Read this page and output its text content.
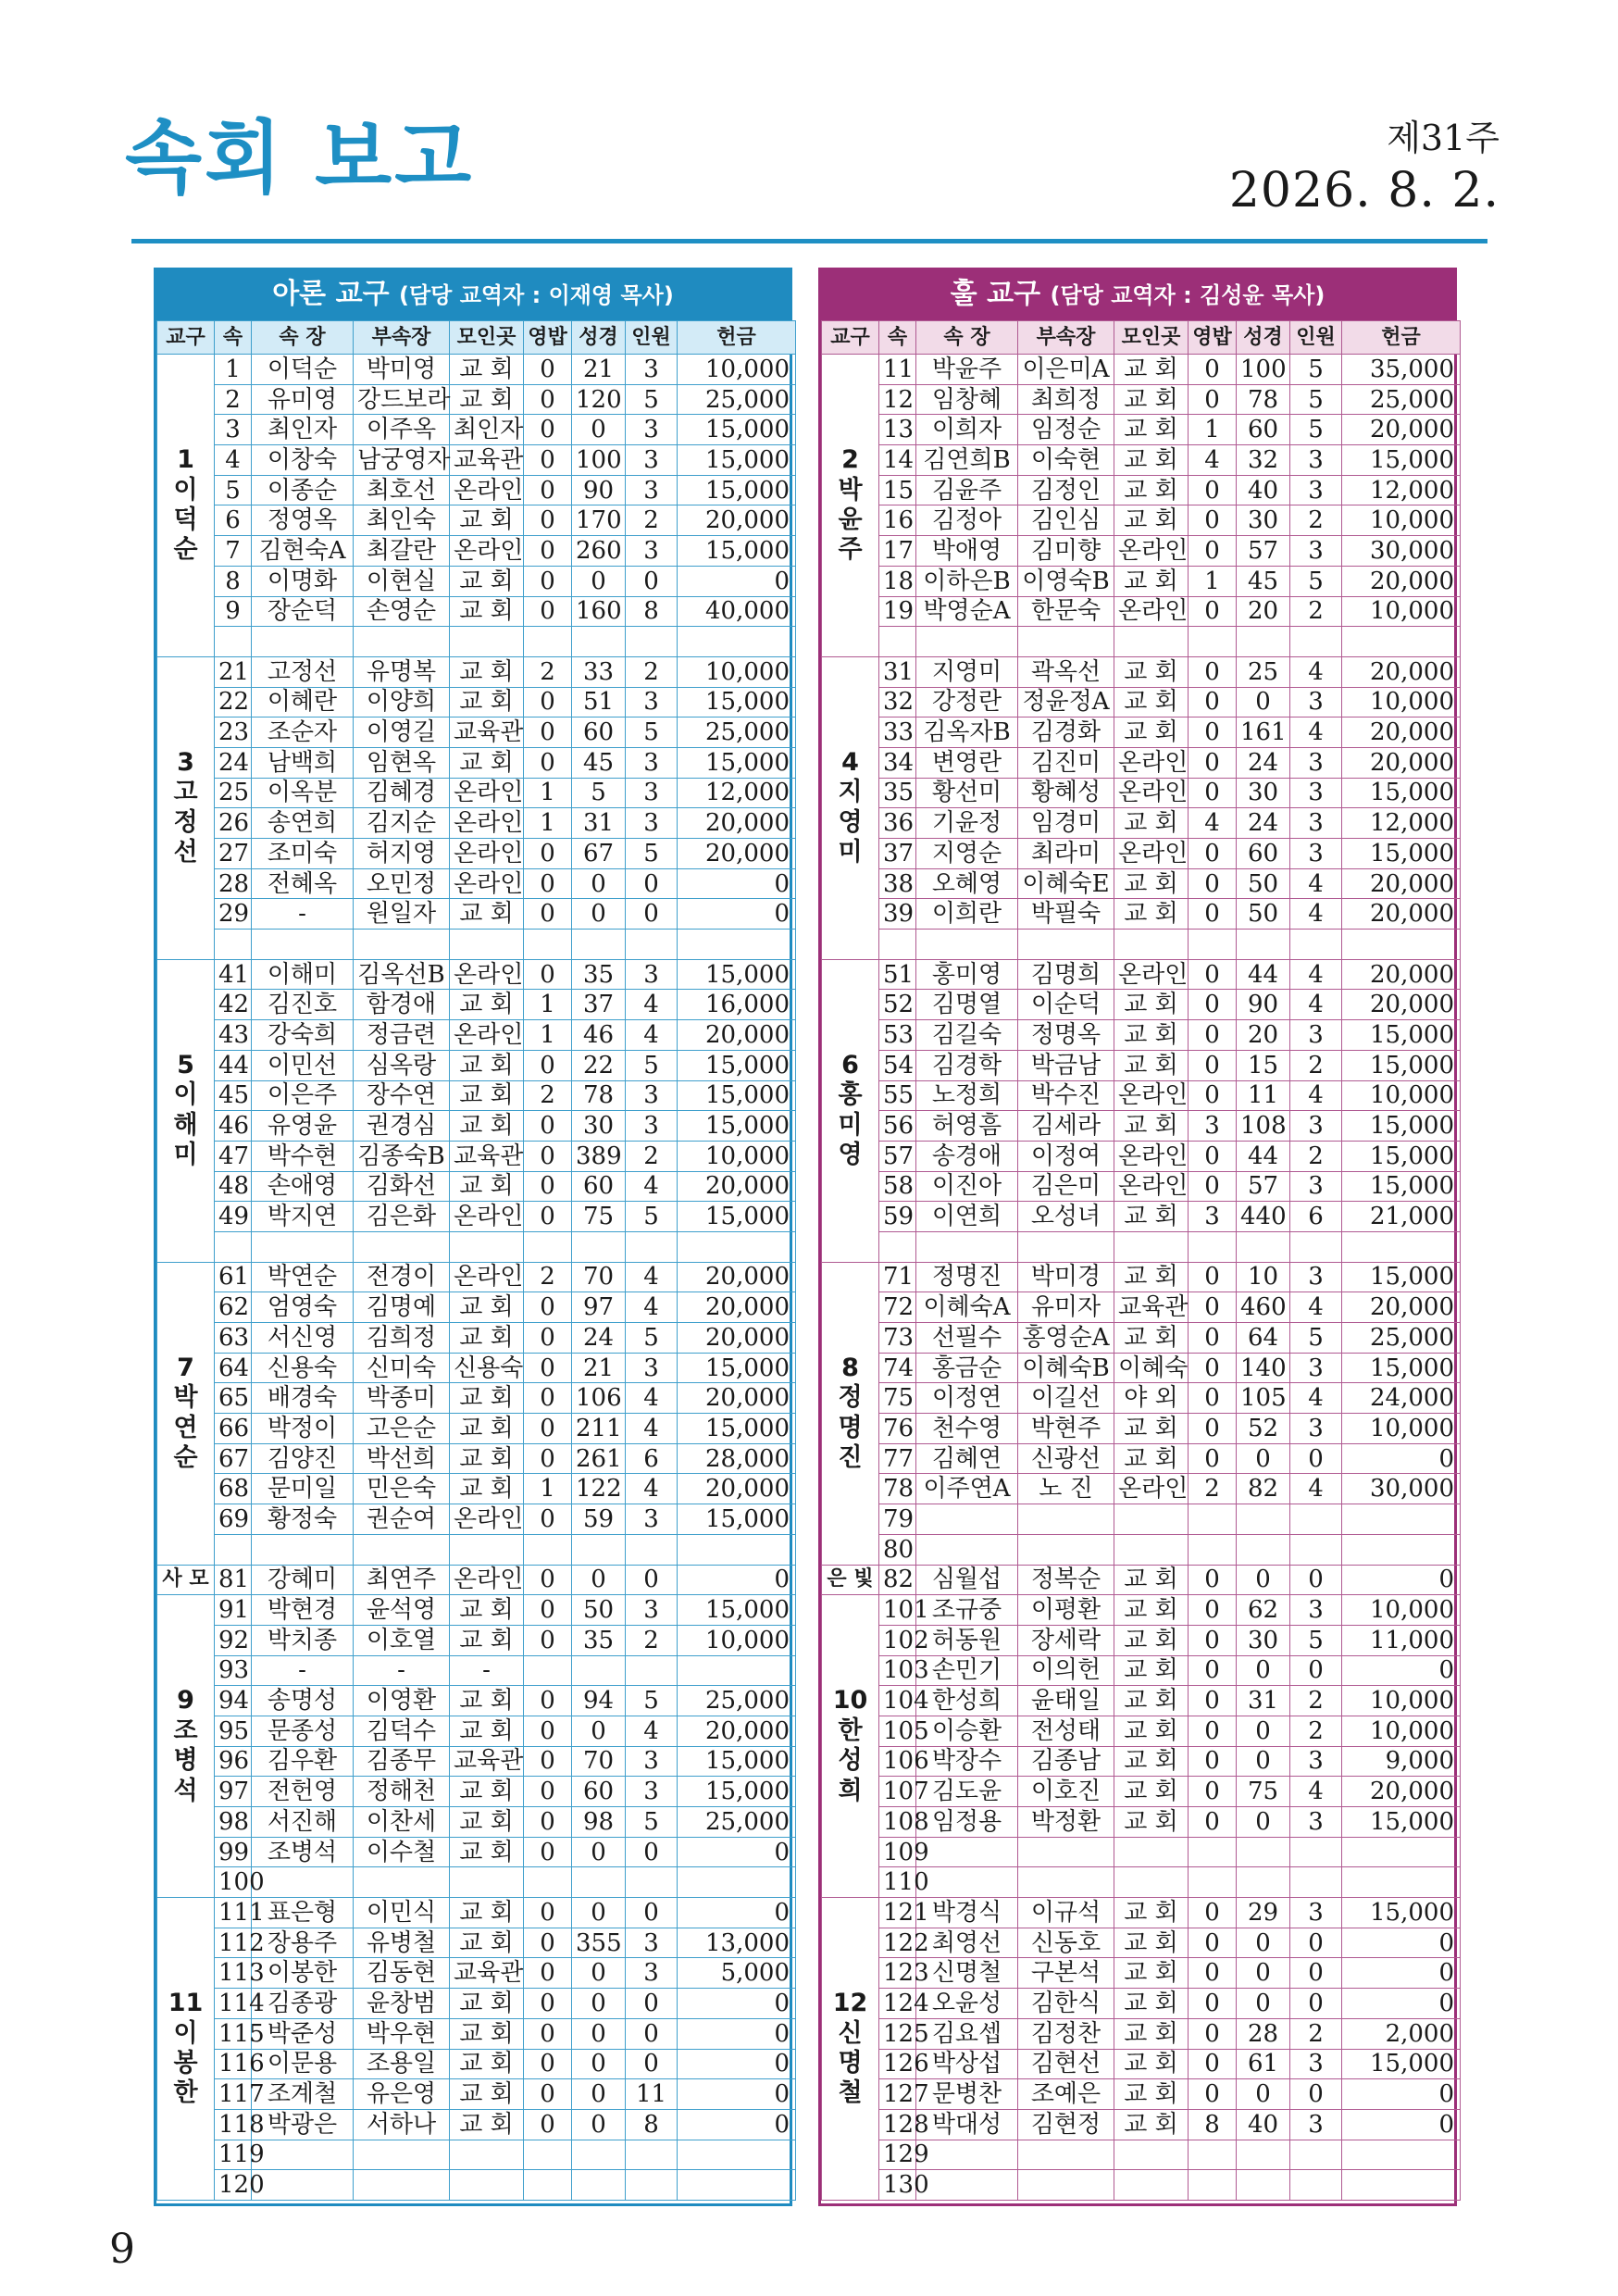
속회 보고	제31주
2026. 8. 2.
아론 교구 (담당 교역자 : 이재영 목사)
교구	속	속 장	부속장	모인곳	영밥	성경	인원	헌금

1
이
덕
순	1	이덕순	박미영	교 회	0	21	3	10,000
	2	유미영	강드보라	교 회	0	120	5	25,000
	3	최인자	이주옥	최인자	0	0	3	15,000
	4	이창숙	남궁영자	교육관	0	100	3	15,000
	5	이종순	최호선	온라인	0	90	3	15,000
	6	정영옥	최인숙	교 회	0	170	2	20,000
	7	김현숙A	최갈란	온라인	0	260	3	15,000
	8	이명화	이현실	교 회	0	0	0	0
	9	장순덕	손영순	교 회	0	160	8	40,000

3
고
정
선	21	고정선	유명복	교 회	2	33	2	10,000
	22	이혜란	이양희	교 회	0	51	3	15,000
	23	조순자	이영길	교육관	0	60	5	25,000
	24	남백희	임현옥	교 회	0	45	3	15,000
	25	이옥분	김혜경	온라인	1	5	3	12,000
	26	송연희	김지순	온라인	1	31	3	20,000
	27	조미숙	허지영	온라인	0	67	5	20,000
	28	전혜옥	오민정	온라인	0	0	0	0
	29	-	원일자	교 회	0	0	0	0

5
이
해
미	41	이해미	김옥선B	온라인	0	35	3	15,000
	42	김진호	함경애	교 회	1	37	4	16,000
	43	강숙희	정금련	온라인	1	46	4	20,000
	44	이민선	심옥랑	교 회	0	22	5	15,000
	45	이은주	장수연	교 회	2	78	3	15,000
	46	유영윤	권경심	교 회	0	30	3	15,000
	47	박수현	김종숙B	교육관	0	389	2	10,000
	48	손애영	김화선	교 회	0	60	4	20,000
	49	박지연	김은화	온라인	0	75	5	15,000

7
박
연
순	61	박연순	전경이	온라인	2	70	4	20,000
	62	엄영숙	김명예	교 회	0	97	4	20,000
	63	서신영	김희정	교 회	0	24	5	20,000
	64	신용숙	신미숙	신용숙	0	21	3	15,000
	65	배경숙	박종미	교 회	0	106	4	20,000
	66	박정이	고은순	교 회	0	211	4	15,000
	67	김양진	박선희	교 회	0	261	6	28,000
	68	문미일	민은숙	교 회	1	122	4	20,000
	69	황정숙	권순여	온라인	0	59	3	15,000

사 모	81	강혜미	최연주	온라인	0	0	0	0

9
조
병
석	91	박현경	윤석영	교 회	0	50	3	15,000
	92	박치종	이호열	교 회	0	35	2	10,000
	93	-	-	-				
	94	송명성	이영환	교 회	0	94	5	25,000
	95	문종성	김덕수	교 회	0	0	4	20,000
	96	김우환	김종무	교육관	0	70	3	15,000
	97	전헌영	정해천	교 회	0	60	3	15,000
	98	서진해	이찬세	교 회	0	98	5	25,000
	99	조병석	이수철	교 회	0	0	0	0
	100							

11
이
봉
한	111	표은형	이민식	교 회	0	0	0	0
	112	장용주	유병철	교 회	0	355	3	13,000
	113	이봉한	김동현	교육관	0	0	3	5,000
	114	김종광	윤창범	교 회	0	0	0	0
	115	박준성	박우현	교 회	0	0	0	0
	116	이문용	조용일	교 회	0	0	0	0
	117	조계철	유은영	교 회	0	0	11	0
	118	박광은	서하나	교 회	0	0	8	0
	119							
	120							
훌 교구 (담당 교역자 : 김성윤 목사)
교구	속	속 장	부속장	모인곳	영밥	성경	인원	헌금

2
박
윤
주	11	박윤주	이은미A	교 회	0	100	5	35,000
	12	임창혜	최희정	교 회	0	78	5	25,000
	13	이희자	임정순	교 회	1	60	5	20,000
	14	김연희B	이숙현	교 회	4	32	3	15,000
	15	김윤주	김정인	교 회	0	40	3	12,000
	16	김정아	김인심	교 회	0	30	2	10,000
	17	박애영	김미향	온라인	0	57	3	30,000
	18	이하은B	이영숙B	교 회	1	45	5	20,000
	19	박영순A	한문숙	온라인	0	20	2	10,000

4
지
영
미	31	지영미	곽옥선	교 회	0	25	4	20,000
	32	강정란	정윤정A	교 회	0	0	3	10,000
	33	김옥자B	김경화	교 회	0	161	4	20,000
	34	변영란	김진미	온라인	0	24	3	20,000
	35	황선미	황혜성	온라인	0	30	3	15,000
	36	기윤정	임경미	교 회	4	24	3	12,000
	37	지영순	최라미	온라인	0	60	3	15,000
	38	오혜영	이혜숙E	교 회	0	50	4	20,000
	39	이희란	박필숙	교 회	0	50	4	20,000

6
홍
미
영	51	홍미영	김명희	온라인	0	44	4	20,000
	52	김명열	이순덕	교 회	0	90	4	20,000
	53	김길숙	정명옥	교 회	0	20	3	15,000
	54	김경학	박금남	교 회	0	15	2	15,000
	55	노정희	박수진	온라인	0	11	4	10,000
	56	허영흠	김세라	교 회	3	108	3	15,000
	57	송경애	이정여	온라인	0	44	2	15,000
	58	이진아	김은미	온라인	0	57	3	15,000
	59	이연희	오성녀	교 회	3	440	6	21,000

8
정
명
진	71	정명진	박미경	교 회	0	10	3	15,000
	72	이혜숙A	유미자	교육관	0	460	4	20,000
	73	선필수	홍영순A	교 회	0	64	5	25,000
	74	홍금순	이혜숙B	이혜숙	0	140	3	15,000
	75	이정연	이길선	야 외	0	105	4	24,000
	76	천수영	박현주	교 회	0	52	3	10,000
	77	김혜연	신광선	교 회	0	0	0	0
	78	이주연A	노 진	온라인	2	82	4	30,000
	79							
	80							
은 빛	82	심월섭	정복순	교 회	0	0	0	0

10
한
성
희	101	조규중	이평환	교 회	0	62	3	10,000
	102	허동원	장세락	교 회	0	30	5	11,000
	103	손민기	이의헌	교 회	0	0	0	0
	104	한성희	윤태일	교 회	0	31	2	10,000
	105	이승환	전성태	교 회	0	0	2	10,000
	106	박장수	김종남	교 회	0	0	3	9,000
	107	김도윤	이호진	교 회	0	75	4	20,000
	108	임정용	박정환	교 회	0	0	3	15,000
	109							
	110							

12
신
명
철	121	박경식	이규석	교 회	0	29	3	15,000
	122	최영선	신동호	교 회	0	0	0	0
	123	신명철	구본석	교 회	0	0	0	0
	124	오윤성	김한식	교 회	0	0	0	0
	125	김요셉	김정찬	교 회	0	28	2	2,000
	126	박상섭	김현선	교 회	0	61	3	15,000
	127	문병찬	조예은	교 회	0	0	0	0
	128	박대성	김현정	교 회	8	40	3	0
	129							
	130							
9
